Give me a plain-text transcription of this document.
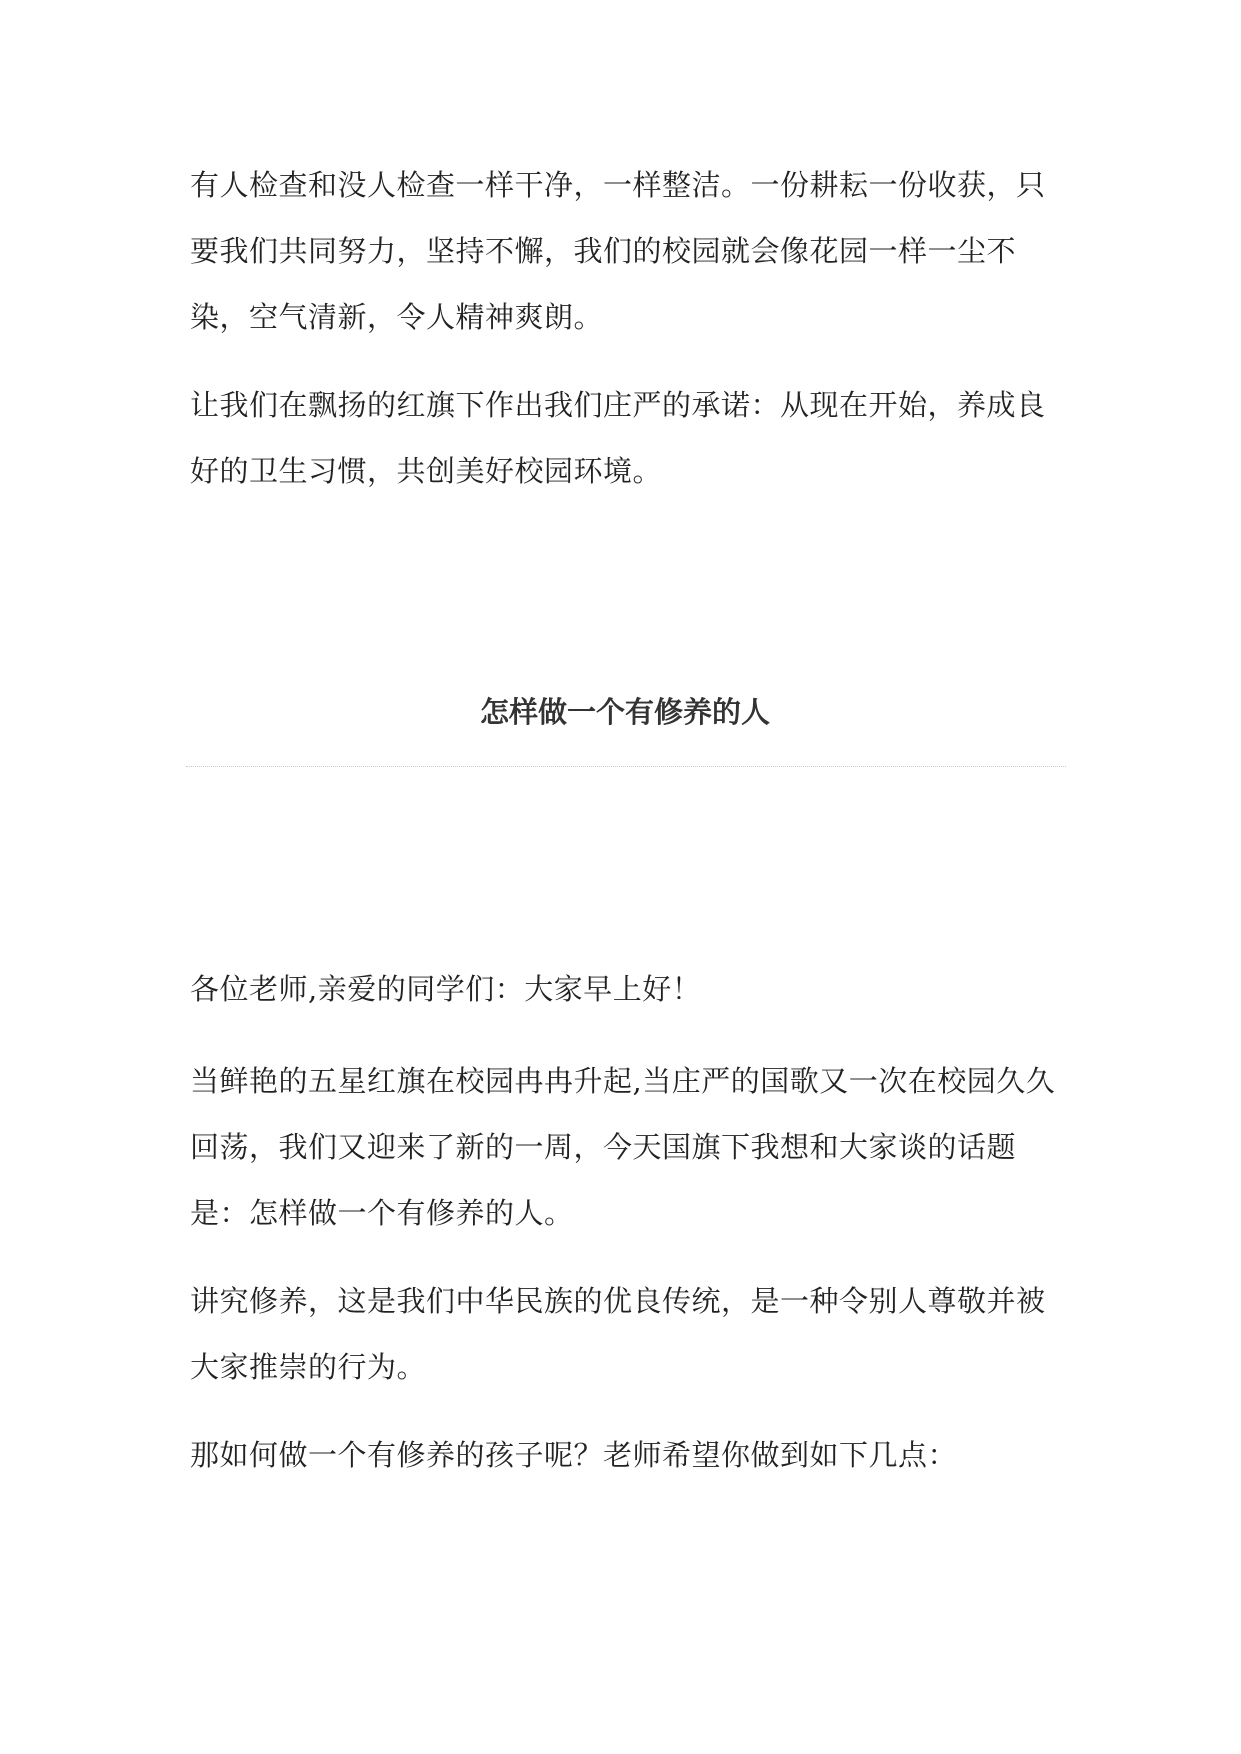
有人检查和没人检查一样干净，一样整洁。一份耕耘一份收获，只要我们共同努力，坚持不懈，我们的校园就会像花园一样一尘不染，空气清新，令人精神爽朗。

让我们在飘扬的红旗下作出我们庄严的承诺：从现在开始，养成良好的卫生习惯，共创美好校园环境。

怎样做一个有修养的人

各位老师,亲爱的同学们：大家早上好！

当鲜艳的五星红旗在校园冉冉升起,当庄严的国歌又一次在校园久久回荡，我们又迎来了新的一周，今天国旗下我想和大家谈的话题是：怎样做一个有修养的人。

讲究修养，这是我们中华民族的优良传统，是一种令别人尊敬并被大家推崇的行为。

那如何做一个有修养的孩子呢？老师希望你做到如下几点：
